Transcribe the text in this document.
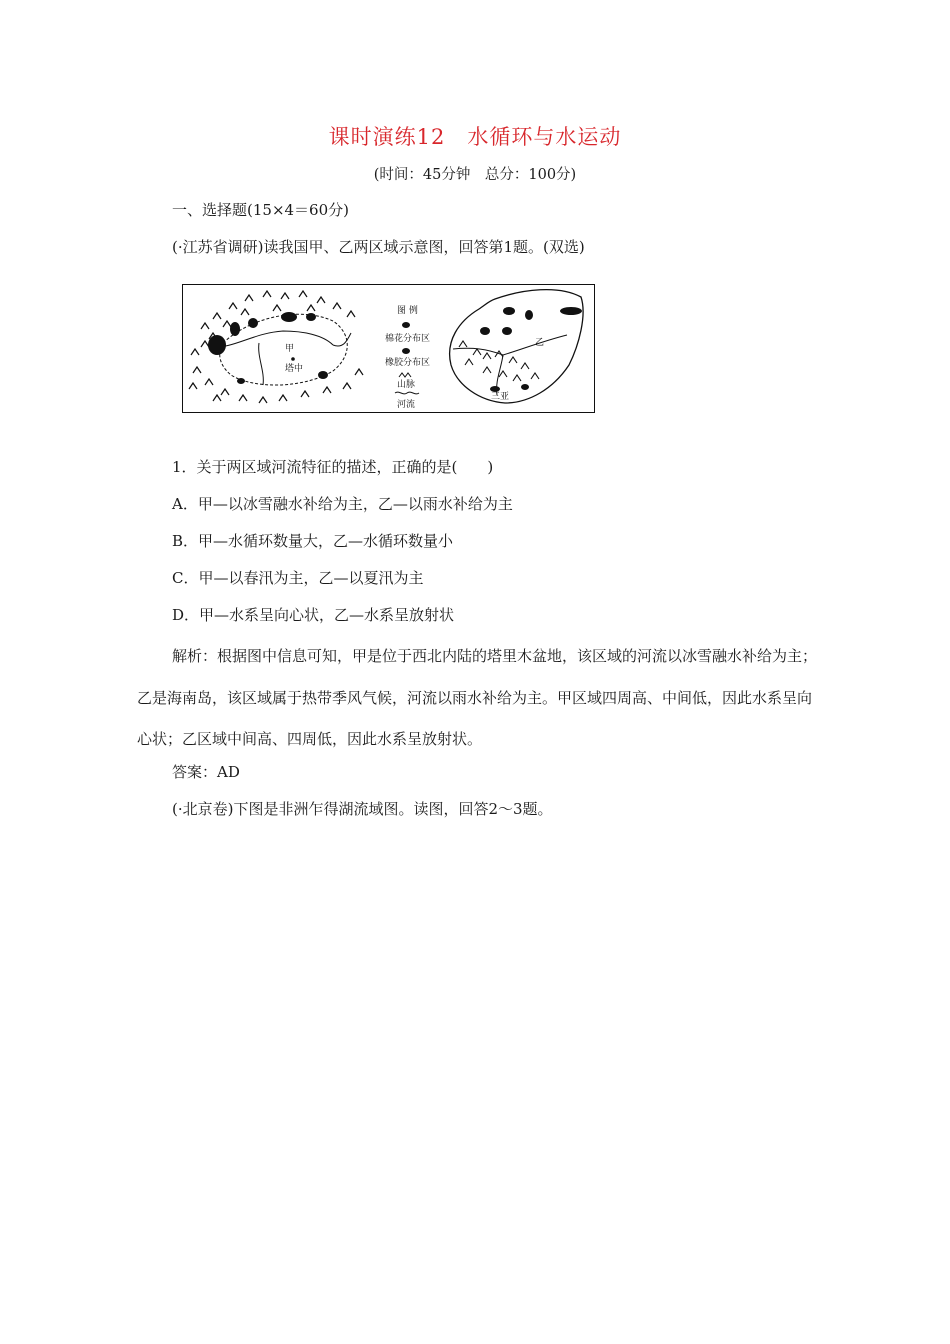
课时演练12　水循环与水运动
(时间：45分钟　总分：100分)
一、选择题(15×4＝60分)
(·江苏省调研)读我国甲、乙两区域示意图，回答第1题。(双选)
甲
塔中
图 例
棉花分布区
橡胶分布区
山脉
河流
乙
三亚
1．关于两区域河流特征的描述，正确的是(　　)
A．甲—以冰雪融水补给为主，乙—以雨水补给为主
B．甲—水循环数量大，乙—水循环数量小
C．甲—以春汛为主，乙—以夏汛为主
D．甲—水系呈向心状，乙—水系呈放射状
解析：根据图中信息可知，甲是位于西北内陆的塔里木盆地，该区域的河流以冰雪融水补给为主；乙是海南岛，该区域属于热带季风气候，河流以雨水补给为主。甲区域四周高、中间低，因此水系呈向心状；乙区域中间高、四周低，因此水系呈放射状。
答案：AD
(·北京卷)下图是非洲乍得湖流域图。读图，回答2～3题。
